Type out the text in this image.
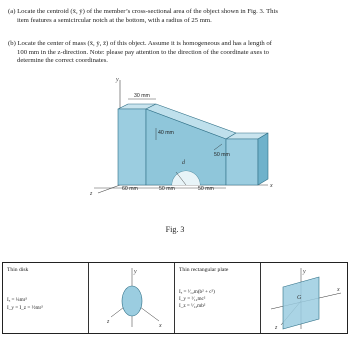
(a) Locate the centroid (x̄, ȳ) of the member’s cross-sectional area of the object shown in Fig. 3. This
item features a semicircular notch at the bottom, with a radius of 25 mm.
(b) Locate the center of mass (x̄, ȳ, z̄) of this object. Assume it is homogeneous and has a length of
100 mm in the z-direction. Note: please pay attention to the direction of the coordinate axes to
determine the correct coordinates.
y
x
z
30 mm
40 mm
50 mm
60 mm	50 mm	50 mm
d
Fig. 3
Thin disk
Iₓ = ¼mr²
I_y = I_z = ½mr²
y
x
z
Thin rectangular plate
Iₓ = ¹⁄₁₂m(b² + c²)
I_y = ¹⁄₁₂mc²
I_z = ¹⁄₁₂mb²
y
x
z
G
